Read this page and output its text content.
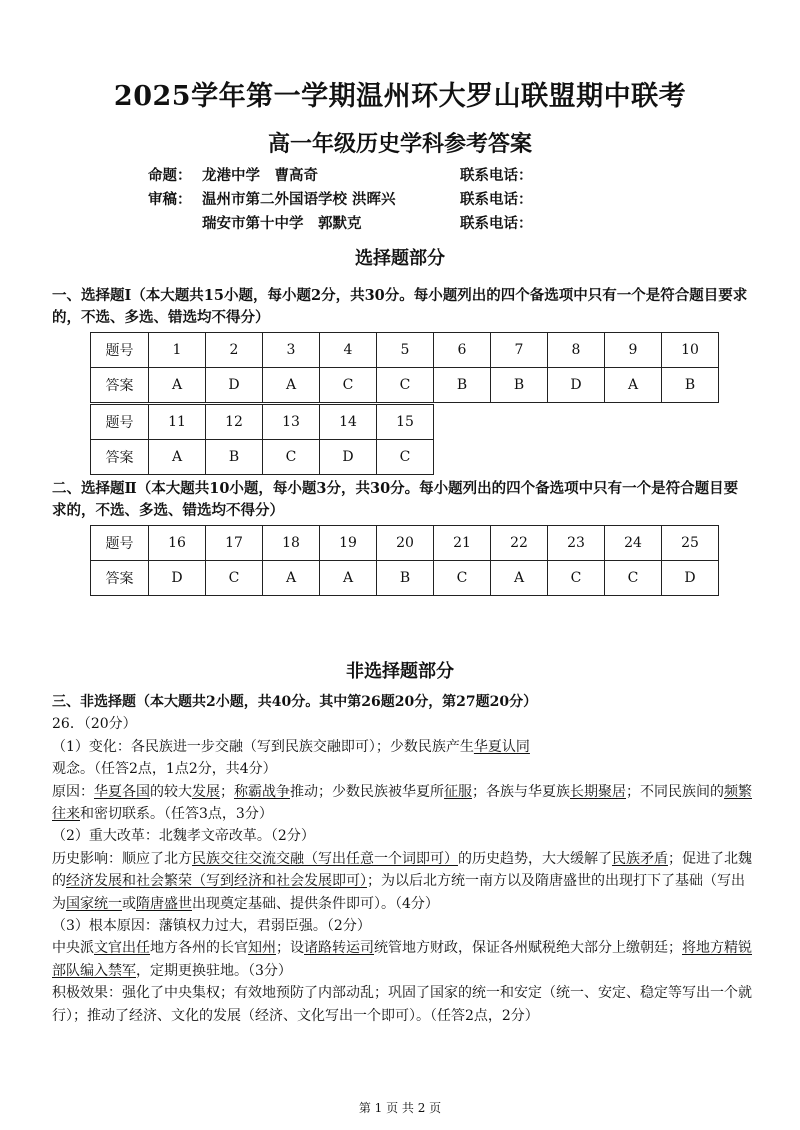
2025学年第一学期温州环大罗山联盟期中联考
高一年级历史学科参考答案
命题： 龙港中学　曹高奇	联系电话：
审稿： 温州市第二外国语学校 洪晖兴	联系电话：
瑞安市第十中学　郭默克	联系电话：
选择题部分
一、选择题Ⅰ（本大题共15小题，每小题2分，共30分。每小题列出的四个备选项中只有一个是符合题目要求的，不选、多选、错选均不得分）
题号	1	2	3	4	5	6	7	8	9	10
答案	A	D	A	C	C	B	B	D	A	B
题号	11	12	13	14	15
答案	A	B	C	D	C
二、选择题Ⅱ（本大题共10小题，每小题3分，共30分。每小题列出的四个备选项中只有一个是符合题目要求的，不选、多选、错选均不得分）
题号	16	17	18	19	20	21	22	23	24	25
答案	D	C	A	A	B	C	A	C	C	D
非选择题部分

三、非选择题（本大题共2小题，共40分。其中第26题20分，第27题20分）

26．（20分）

（1）变化：各民族进一步交融（写到民族交融即可）；少数民族产生华夏认同观念。（任答2点，1点2分，共4分）

原因：华夏各国的较大发展；称霸战争推动；少数民族被华夏所征服；各族与华夏族长期聚居；不同民族间的频繁往来和密切联系。（任答3点，3分）

（2）重大改革：北魏孝文帝改革。（2分）

历史影响：顺应了北方民族交往交流交融（写出任意一个词即可）的历史趋势，大大缓解了民族矛盾；促进了北魏的经济发展和社会繁荣（写到经济和社会发展即可）；为以后北方统一南方以及隋唐盛世的出现打下了基础（写出为国家统一或隋唐盛世出现奠定基础、提供条件即可）。（4分）

（3）根本原因：藩镇权力过大，君弱臣强。（2分）

中央派文官出任地方各州的长官知州；设诸路转运司统管地方财政，保证各州赋税绝大部分上缴朝廷；将地方精锐部队编入禁军，定期更换驻地。（3分）

积极效果：强化了中央集权；有效地预防了内部动乱；巩固了国家的统一和安定（统一、安定、稳定等写出一个就行）；推动了经济、文化的发展（经济、文化写出一个即可）。（任答2点，2分）

第 1 页 共 2 页
